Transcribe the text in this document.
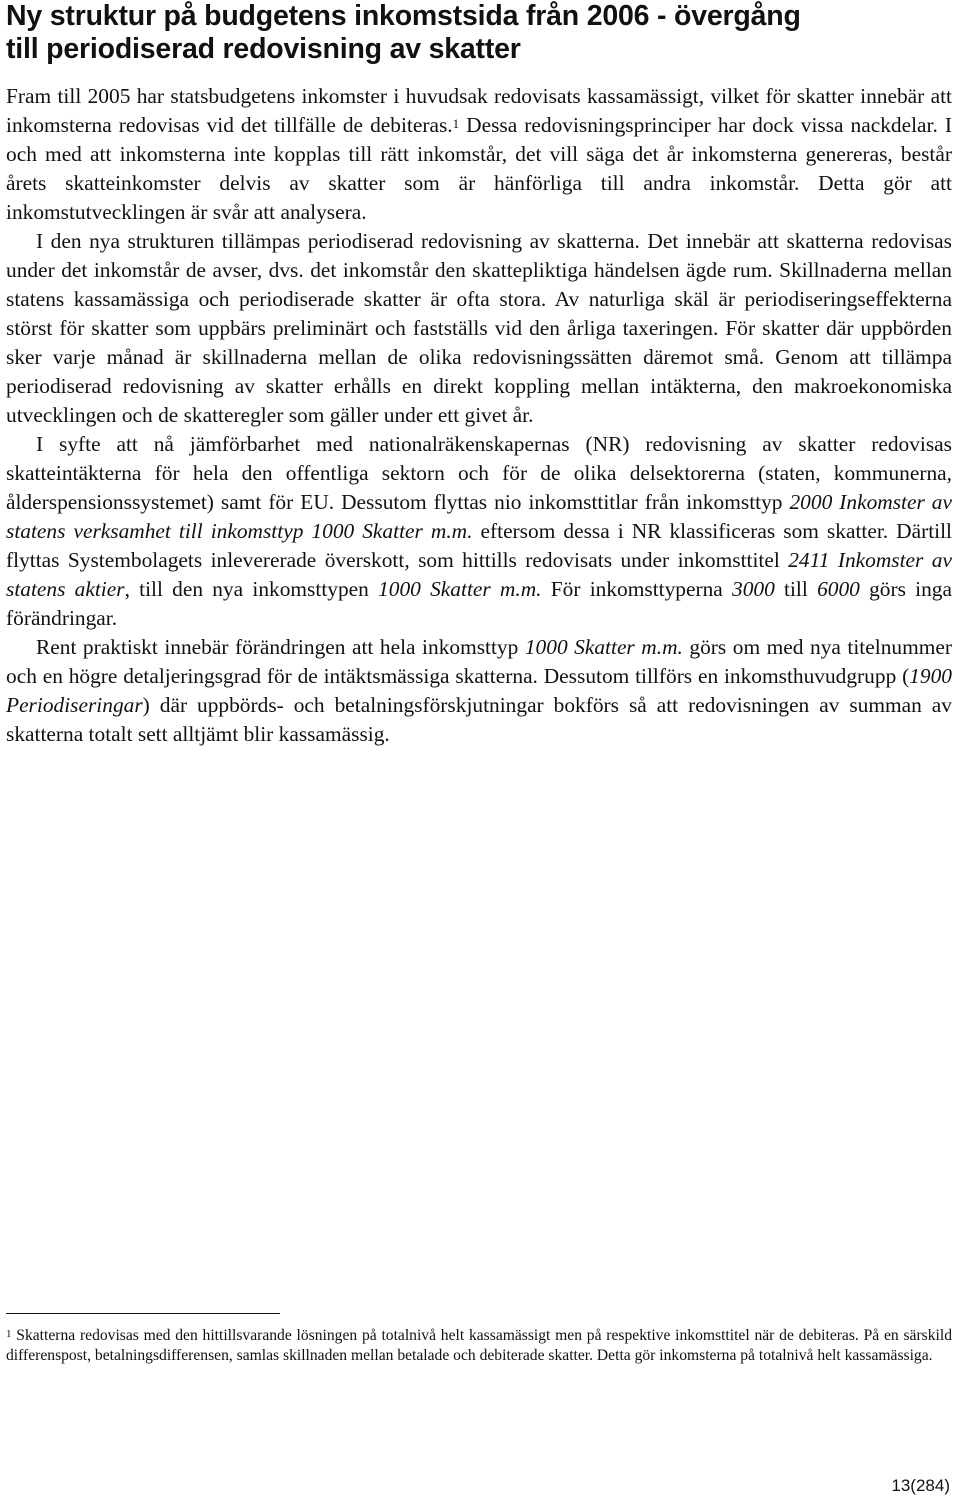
Ny struktur på budgetens inkomstsida från 2006 - övergång
till periodiserad redovisning av skatter

Fram till 2005 har statsbudgetens inkomster i huvudsak redovisats kassamässigt, vilket för skatter innebär att inkomsterna redovisas vid det tillfälle de debiteras.$^1$ Dessa redovisningsprinciper har dock vissa nackdelar. I och med att inkomsterna inte kopplas till rätt inkomstår, det vill säga det år inkomsterna genereras, består årets skatteinkomster delvis av skatter som är hänförliga till andra inkomstår. Detta gör att inkomstutvecklingen är svår att analysera.

I den nya strukturen tillämpas periodiserad redovisning av skatterna. Det innebär att skatterna redovisas under det inkomstår de avser, dvs. det inkomstår den skattepliktiga händelsen ägde rum. Skillnaderna mellan statens kassamässiga och periodiserade skatter är ofta stora. Av naturliga skäl är periodiseringseffekterna störst för skatter som uppbärs preliminärt och fastställs vid den årliga taxeringen. För skatter där uppbörden sker varje månad är skillnaderna mellan de olika redovisningssätten däremot små. Genom att tillämpa periodiserad redovisning av skatter erhålls en direkt koppling mellan intäkterna, den makroekonomiska utvecklingen och de skatteregler som gäller under ett givet år.

I syfte att nå jämförbarhet med nationalräkenskapernas (NR) redovisning av skatter redovisas skatteintäkterna för hela den offentliga sektorn och för de olika delsektorerna (staten, kommunerna, ålderspensionssystemet) samt för EU. Dessutom flyttas nio inkomsttitlar från inkomsttyp 2000 Inkomster av statens verksamhet till inkomsttyp 1000 Skatter m.m. eftersom dessa i NR klassificeras som skatter. Därtill flyttas Systembolagets inlevererade överskott, som hittills redovisats under inkomsttitel 2411 Inkomster av statens aktier, till den nya inkomsttypen 1000 Skatter m.m. För inkomsttyperna 3000 till 6000 görs inga förändringar.

Rent praktiskt innebär förändringen att hela inkomsttyp 1000 Skatter m.m. görs om med nya titelnummer och en högre detaljeringsgrad för de intäktsmässiga skatterna. Dessutom tillförs en inkomsthuvudgrupp (1900 Periodiseringar) där uppbörds- och betalningsförskjutningar bokförs så att redovisningen av summan av skatterna totalt sett alltjämt blir kassamässig.

$^1$ Skatterna redovisas med den hittillsvarande lösningen på totalnivå helt kassamässigt men på respektive inkomsttitel när de debiteras. På en särskild differenspost, betalningsdifferensen, samlas skillnaden mellan betalade och debiterade skatter. Detta gör inkomsterna på totalnivå helt kassamässiga.
13(284)
